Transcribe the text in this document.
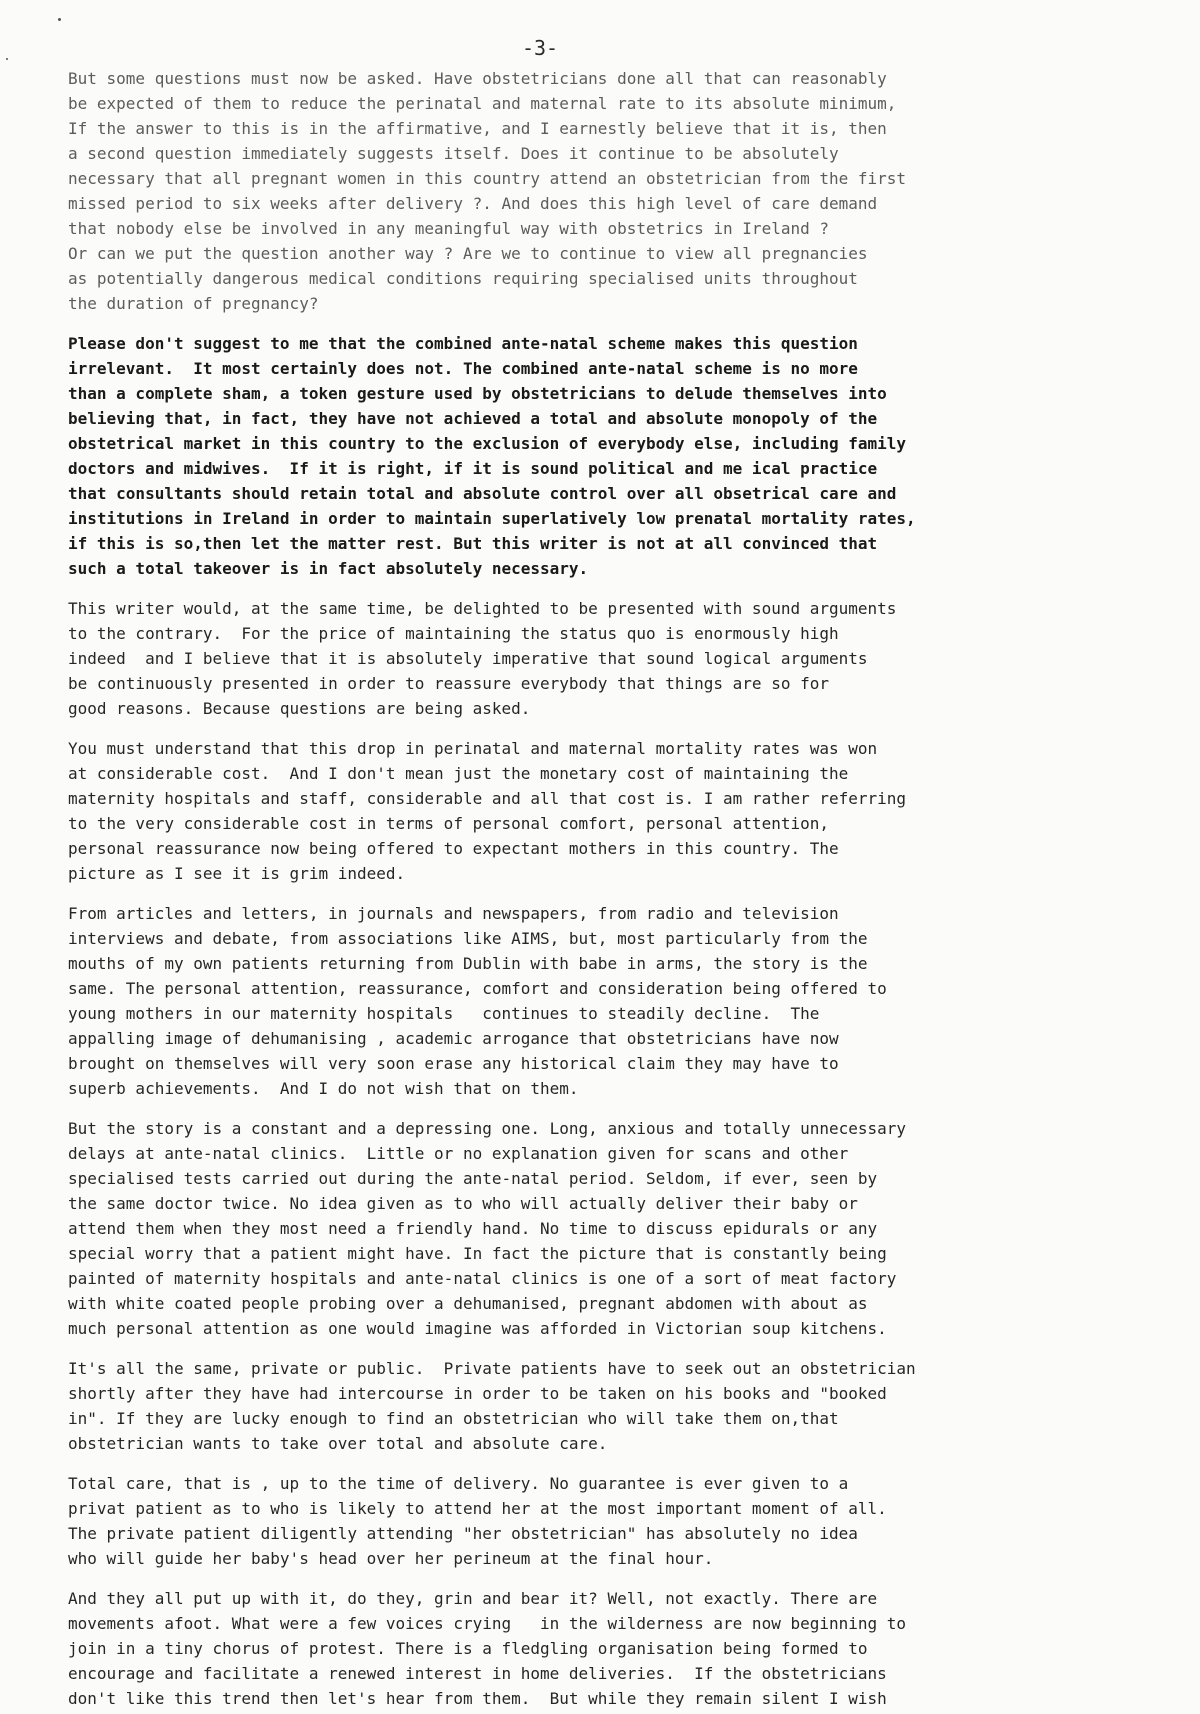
-3-
But some questions must now be asked. Have obstetricians done all that can reasonably
be expected of them to reduce the perinatal and maternal rate to its absolute minimum,
If the answer to this is in the affirmative, and I earnestly believe that it is, then
a second question immediately suggests itself. Does it continue to be absolutely
necessary that all pregnant women in this country attend an obstetrician from the first
missed period to six weeks after delivery ?. And does this high level of care demand
that nobody else be involved in any meaningful way with obstetrics in Ireland ?
Or can we put the question another way ? Are we to continue to view all pregnancies
as potentially dangerous medical conditions requiring specialised units throughout
the duration of pregnancy?
Please don't suggest to me that the combined ante-natal scheme makes this question
irrelevant.  It most certainly does not. The combined ante-natal scheme is no more
than a complete sham, a token gesture used by obstetricians to delude themselves into
believing that, in fact, they have not achieved a total and absolute monopoly of the
obstetrical market in this country to the exclusion of everybody else, including family
doctors and midwives.  If it is right, if it is sound political and me ical practice
that consultants should retain total and absolute control over all obsetrical care and
institutions in Ireland in order to maintain superlatively low prenatal mortality rates,
if this is so,then let the matter rest. But this writer is not at all convinced that
such a total takeover is in fact absolutely necessary.
This writer would, at the same time, be delighted to be presented with sound arguments
to the contrary.  For the price of maintaining the status quo is enormously high
indeed  and I believe that it is absolutely imperative that sound logical arguments
be continuously presented in order to reassure everybody that things are so for
good reasons. Because questions are being asked.
You must understand that this drop in perinatal and maternal mortality rates was won
at considerable cost.  And I don't mean just the monetary cost of maintaining the
maternity hospitals and staff, considerable and all that cost is. I am rather referring
to the very considerable cost in terms of personal comfort, personal attention,
personal reassurance now being offered to expectant mothers in this country. The
picture as I see it is grim indeed.
From articles and letters, in journals and newspapers, from radio and television
interviews and debate, from associations like AIMS, but, most particularly from the
mouths of my own patients returning from Dublin with babe in arms, the story is the
same. The personal attention, reassurance, comfort and consideration being offered to
young mothers in our maternity hospitals   continues to steadily decline.  The
appalling image of dehumanising , academic arrogance that obstetricians have now
brought on themselves will very soon erase any historical claim they may have to
superb achievements.  And I do not wish that on them.
But the story is a constant and a depressing one. Long, anxious and totally unnecessary
delays at ante-natal clinics.  Little or no explanation given for scans and other
specialised tests carried out during the ante-natal period. Seldom, if ever, seen by
the same doctor twice. No idea given as to who will actually deliver their baby or
attend them when they most need a friendly hand. No time to discuss epidurals or any
special worry that a patient might have. In fact the picture that is constantly being
painted of maternity hospitals and ante-natal clinics is one of a sort of meat factory
with white coated people probing over a dehumanised, pregnant abdomen with about as
much personal attention as one would imagine was afforded in Victorian soup kitchens.
It's all the same, private or public.  Private patients have to seek out an obstetrician
shortly after they have had intercourse in order to be taken on his books and "booked
in". If they are lucky enough to find an obstetrician who will take them on,that
obstetrician wants to take over total and absolute care.
Total care, that is , up to the time of delivery. No guarantee is ever given to a
privat patient as to who is likely to attend her at the most important moment of all.
The private patient diligently attending "her obstetrician" has absolutely no idea
who will guide her baby's head over her perineum at the final hour.
And they all put up with it, do they, grin and bear it? Well, not exactly. There are
movements afoot. What were a few voices crying   in the wilderness are now beginning to
join in a tiny chorus of protest. There is a fledgling organisation being formed to
encourage and facilitate a renewed interest in home deliveries.  If the obstetricians
don't like this trend then let's hear from them.  But while they remain silent I wish
